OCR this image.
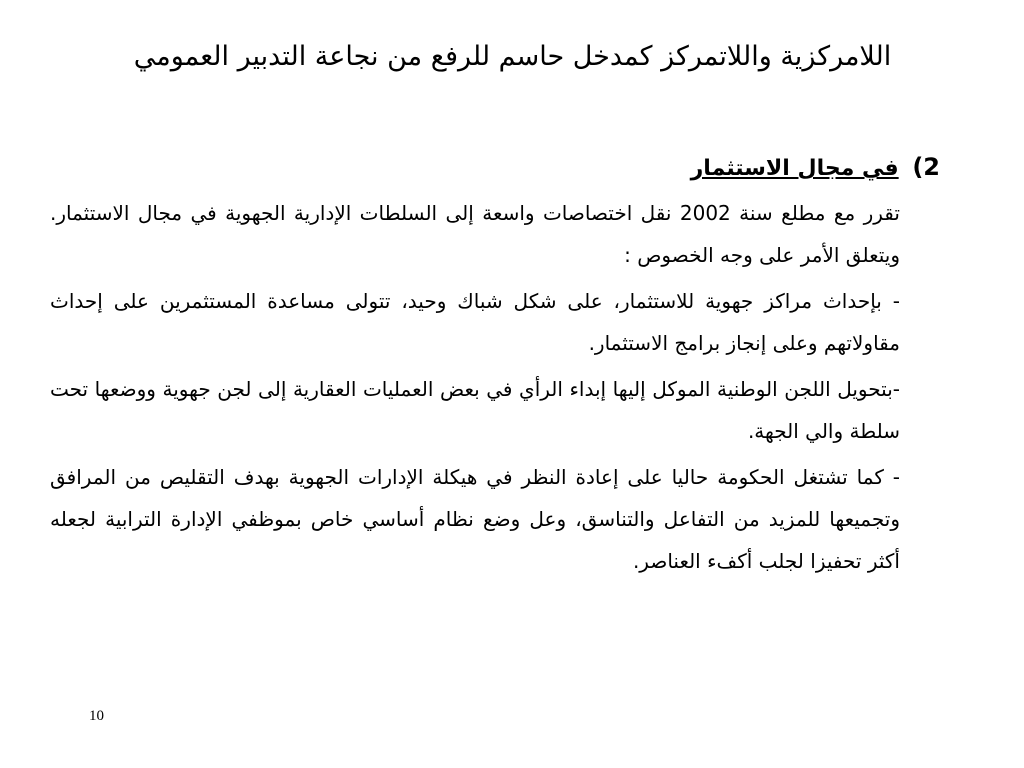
اللامركزية واللاتمركز كمدخل حاسم للرفع من نجاعة التدبير العمومي
2) في مجال الاستثمار

تقرر مع مطلع سنة 2002 نقل اختصاصات واسعة إلى السلطات الإدارية الجهوية في مجال الاستثمار. ويتعلق الأمر على وجه الخصوص :

- بإحداث مراكز جهوية للاستثمار، على شكل شباك وحيد، تتولى مساعدة المستثمرين على إحداث مقاولاتهم وعلى إنجاز برامج الاستثمار.

-بتحويل اللجن الوطنية الموكل إليها إبداء الرأي في بعض العمليات العقارية إلى لجن جهوية ووضعها تحت سلطة والي الجهة.

- كما تشتغل الحكومة حاليا على إعادة النظر في هيكلة الإدارات الجهوية بهدف التقليص من المرافق وتجميعها للمزيد من التفاعل والتناسق، وعل وضع نظام أساسي خاص بموظفي الإدارة الترابية لجعله أكثر تحفيزا لجلب أكفء العناصر.

10
